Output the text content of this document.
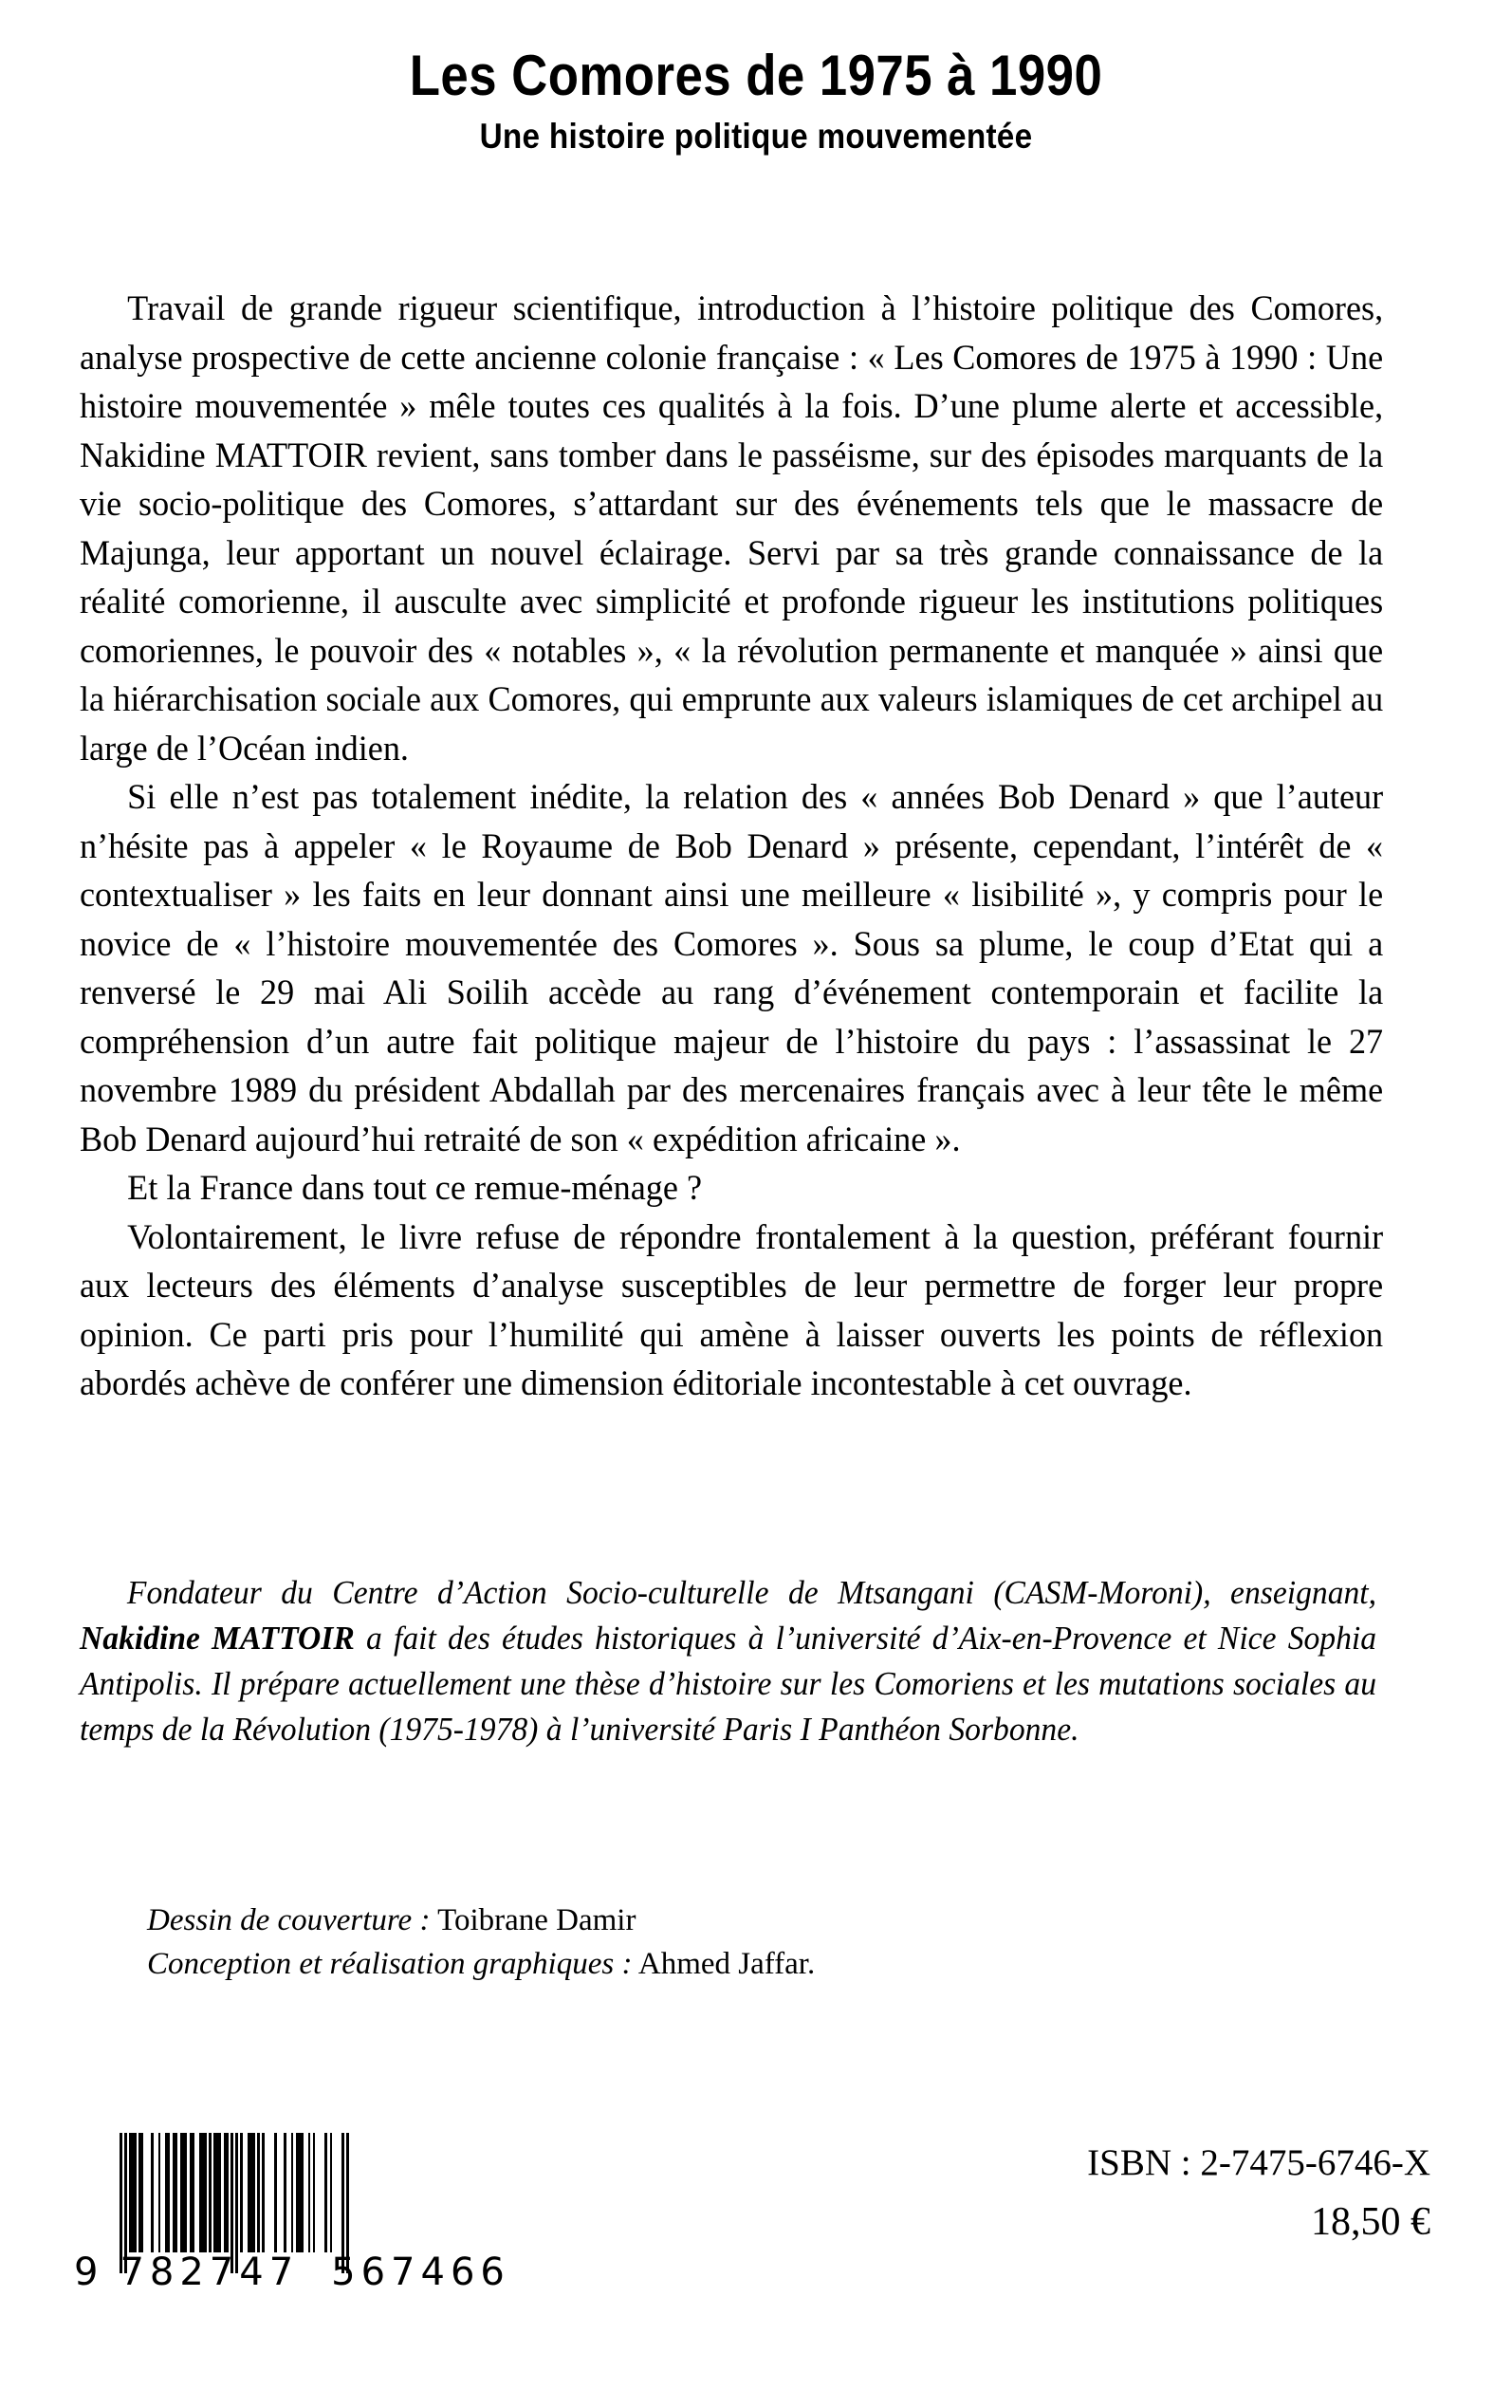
Les Comores de 1975 à 1990
Une histoire politique mouvementée

Travail de grande rigueur scientifique, introduction à l’histoire politique des Comores, analyse prospective de cette ancienne colonie française : « Les Comores de 1975 à 1990 : Une histoire mouvementée » mêle toutes ces qualités à la fois. D’une plume alerte et accessible, Nakidine MATTOIR revient, sans tomber dans le passéisme, sur des épisodes marquants de la vie socio-politique des Comores, s’attardant sur des événements tels que le massacre de Majunga, leur apportant un nouvel éclairage. Servi par sa très grande connaissance de la réalité comorienne, il ausculte avec simplicité et profonde rigueur les institutions politiques comoriennes, le pouvoir des « notables », « la révolution permanente et manquée » ainsi que la hiérarchisation sociale aux Comores, qui emprunte aux valeurs islamiques de cet archipel au large de l’Océan indien.

Si elle n’est pas totalement inédite, la relation des « années Bob Denard » que l’auteur n’hésite pas à appeler « le Royaume de Bob Denard » présente, cependant, l’intérêt de « contextualiser » les faits en leur donnant ainsi une meilleure « lisibilité », y compris pour le novice de « l’histoire mouvementée des Comores ». Sous sa plume, le coup d’Etat qui a renversé le 29 mai Ali Soilih accède au rang d’événement contemporain et facilite la compréhension d’un autre fait politique majeur de l’histoire du pays : l’assassinat le 27 novembre 1989 du président Abdallah par des mercenaires français avec à leur tête le même Bob Denard aujourd’hui retraité de son « expédition africaine ».

Et la France dans tout ce remue-ménage ?

Volontairement, le livre refuse de répondre frontalement à la question, préférant fournir aux lecteurs des éléments d’analyse susceptibles de leur permettre de forger leur propre opinion. Ce parti pris pour l’humilité qui amène à laisser ouverts les points de réflexion abordés achève de conférer une dimension éditoriale incontestable à cet ouvrage.

Fondateur du Centre d’Action Socio-culturelle de Mtsangani (CASM-Moroni), enseignant, Nakidine MATTOIR a fait des études historiques à l’université d’Aix-en-Provence et Nice Sophia Antipolis. Il prépare actuellement une thèse d’histoire sur les Comoriens et les mutations sociales au temps de la Révolution (1975-1978) à l’université Paris I Panthéon Sorbonne.

Dessin de couverture : Toibrane Damir

Conception et réalisation graphiques : Ahmed Jaffar.

9 782747 567466

ISBN : 2-7475-6746-X

18,50 €
